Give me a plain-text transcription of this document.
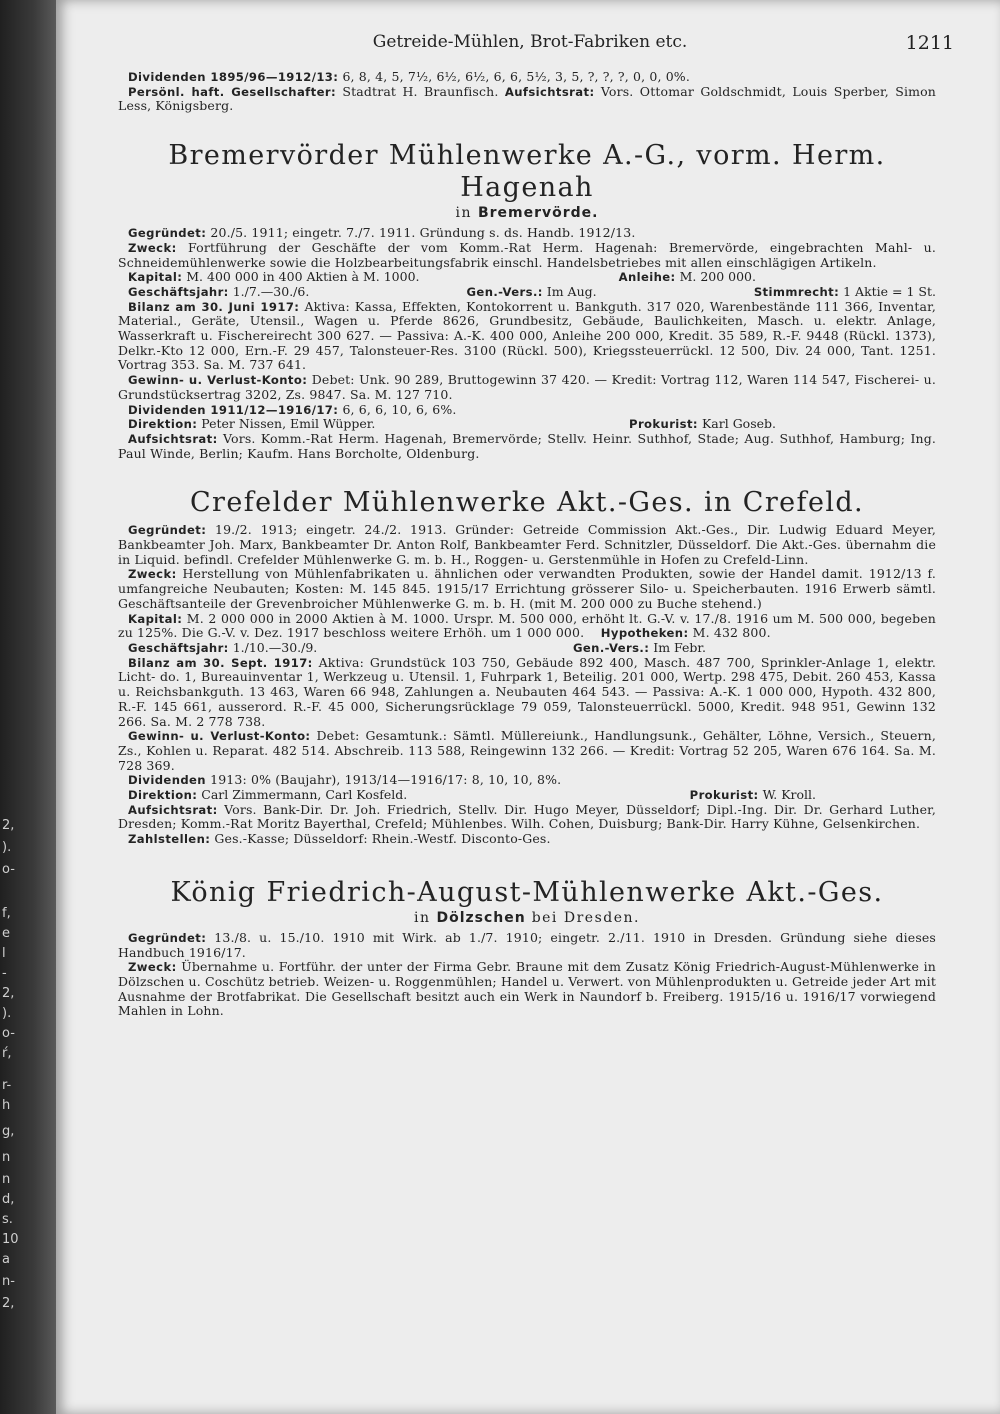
2,
).
o-
f,
e
l
-
2,
).
o-
ŕ,
r-
h
g,
n
n
d,
s.
10
a
n-
2,
Getreide-Mühlen, Brot-Fabriken etc.	1211

Dividenden 1895/96—1912/13: 6, 8, 4, 5, 7½, 6½, 6½, 6, 6, 5½, 3, 5, ?, ?, ?, 0, 0, 0%.

Persönl. haft. Gesellschafter: Stadtrat H. Braunfisch. Aufsichtsrat: Vors. Ottomar Goldschmidt, Louis Sperber, Simon Less, Königsberg.

Bremervörder Mühlenwerke A.-G., vorm. Herm. Hagenah
in Bremervörde.

Gegründet: 20./5. 1911; eingetr. 7./7. 1911. Gründung s. ds. Handb. 1912/13.

Zweck: Fortführung der Geschäfte der vom Komm.-Rat Herm. Hagenah: Bremervörde, eingebrachten Mahl- u. Schneidemühlenwerke sowie die Holzbearbeitungsfabrik einschl. Handelsbetriebes mit allen einschlägigen Artikeln.

Kapital: M. 400 000 in 400 Aktien à M. 1000.	Anleihe: M. 200 000.
Geschäftsjahr: 1./7.—30./6.	Gen.-Vers.: Im Aug.	Stimmrecht: 1 Aktie = 1 St.

Bilanz am 30. Juni 1917: Aktiva: Kassa, Effekten, Kontokorrent u. Bankguth. 317 020, Warenbestände 111 366, Inventar, Material., Geräte, Utensil., Wagen u. Pferde 8626, Grundbesitz, Gebäude, Baulichkeiten, Masch. u. elektr. Anlage, Wasserkraft u. Fischereirecht 300 627. — Passiva: A.-K. 400 000, Anleihe 200 000, Kredit. 35 589, R.-F. 9448 (Rückl. 1373), Delkr.-Kto 12 000, Ern.-F. 29 457, Talonsteuer-Res. 3100 (Rückl. 500), Kriegssteuerrückl. 12 500, Div. 24 000, Tant. 1251. Vortrag 353. Sa. M. 737 641.

Gewinn- u. Verlust-Konto: Debet: Unk. 90 289, Bruttogewinn 37 420. — Kredit: Vortrag 112, Waren 114 547, Fischerei- u. Grundstücksertrag 3202, Zs. 9847. Sa. M. 127 710.

Dividenden 1911/12—1916/17: 6, 6, 6, 10, 6, 6%.

Direktion: Peter Nissen, Emil Wüpper.	Prokurist: Karl Goseb.

Aufsichtsrat: Vors. Komm.-Rat Herm. Hagenah, Bremervörde; Stellv. Heinr. Suthhof, Stade; Aug. Suthhof, Hamburg; Ing. Paul Winde, Berlin; Kaufm. Hans Borcholte, Oldenburg.

Crefelder Mühlenwerke Akt.-Ges. in Crefeld.

Gegründet: 19./2. 1913; eingetr. 24./2. 1913. Gründer: Getreide Commission Akt.-Ges., Dir. Ludwig Eduard Meyer, Bankbeamter Joh. Marx, Bankbeamter Dr. Anton Rolf, Bankbeamter Ferd. Schnitzler, Düsseldorf. Die Akt.-Ges. übernahm die in Liquid. befindl. Crefelder Mühlenwerke G. m. b. H., Roggen- u. Gerstenmühle in Hofen zu Crefeld-Linn.

Zweck: Herstellung von Mühlenfabrikaten u. ähnlichen oder verwandten Produkten, sowie der Handel damit. 1912/13 f. umfangreiche Neubauten; Kosten: M. 145 845. 1915/17 Errichtung grösserer Silo- u. Speicherbauten. 1916 Erwerb sämtl. Geschäftsanteile der Grevenbroicher Mühlenwerke G. m. b. H. (mit M. 200 000 zu Buche stehend.)

Kapital: M. 2 000 000 in 2000 Aktien à M. 1000. Urspr. M. 500 000, erhöht lt. G.-V. v. 17./8. 1916 um M. 500 000, begeben zu 125%. Die G.-V. v. Dez. 1917 beschloss weitere Erhöh. um 1 000 000. Hypotheken: M. 432 800.

Geschäftsjahr: 1./10.—30./9.	Gen.-Vers.: Im Febr.

Bilanz am 30. Sept. 1917: Aktiva: Grundstück 103 750, Gebäude 892 400, Masch. 487 700, Sprinkler-Anlage 1, elektr. Licht- do. 1, Bureauinventar 1, Werkzeug u. Utensil. 1, Fuhrpark 1, Beteilig. 201 000, Wertp. 298 475, Debit. 260 453, Kassa u. Reichsbankguth. 13 463, Waren 66 948, Zahlungen a. Neubauten 464 543. — Passiva: A.-K. 1 000 000, Hypoth. 432 800, R.-F. 145 661, ausserord. R.-F. 45 000, Sicherungsrücklage 79 059, Talonsteuerrückl. 5000, Kredit. 948 951, Gewinn 132 266. Sa. M. 2 778 738.

Gewinn- u. Verlust-Konto: Debet: Gesamtunk.: Sämtl. Müllereiunk., Handlungsunk., Gehälter, Löhne, Versich., Steuern, Zs., Kohlen u. Reparat. 482 514. Abschreib. 113 588, Reingewinn 132 266. — Kredit: Vortrag 52 205, Waren 676 164. Sa. M. 728 369.

Dividenden 1913: 0% (Baujahr), 1913/14—1916/17: 8, 10, 10, 8%.

Direktion: Carl Zimmermann, Carl Kosfeld.	Prokurist: W. Kroll.

Aufsichtsrat: Vors. Bank-Dir. Dr. Joh. Friedrich, Stellv. Dir. Hugo Meyer, Düsseldorf; Dipl.-Ing. Dir. Dr. Gerhard Luther, Dresden; Komm.-Rat Moritz Bayerthal, Crefeld; Mühlenbes. Wilh. Cohen, Duisburg; Bank-Dir. Harry Kühne, Gelsenkirchen.

Zahlstellen: Ges.-Kasse; Düsseldorf: Rhein.-Westf. Disconto-Ges.

König Friedrich-August-Mühlenwerke Akt.-Ges.
in Dölzschen bei Dresden.

Gegründet: 13./8. u. 15./10. 1910 mit Wirk. ab 1./7. 1910; eingetr. 2./11. 1910 in Dresden. Gründung siehe dieses Handbuch 1916/17.

Zweck: Übernahme u. Fortführ. der unter der Firma Gebr. Braune mit dem Zusatz König Friedrich-August-Mühlenwerke in Dölzschen u. Coschütz betrieb. Weizen- u. Roggenmühlen; Handel u. Verwert. von Mühlenprodukten u. Getreide jeder Art mit Ausnahme der Brotfabrikat. Die Gesellschaft besitzt auch ein Werk in Naundorf b. Freiberg. 1915/16 u. 1916/17 vorwiegend Mahlen in Lohn.
